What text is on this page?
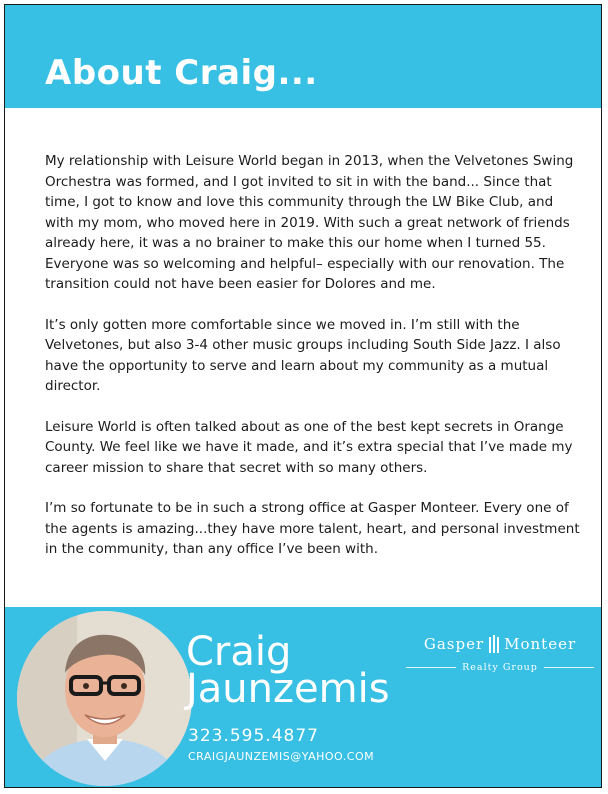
About Craig...

My relationship with Leisure World began in 2013, when the Velvetones Swing Orchestra was formed, and I got invited to sit in with the band... Since that time, I got to know and love this community through the LW Bike Club, and with my mom, who moved here in 2019. With such a great network of friends already here, it was a no brainer to make this our home when I turned 55. Everyone was so welcoming and helpful– especially with our renovation. The transition could not have been easier for Dolores and me.

It’s only gotten more comfortable since we moved in. I’m still with the Velvetones, but also 3-4 other music groups including South Side Jazz. I also have the opportunity to serve and learn about my community as a mutual director.

Leisure World is often talked about as one of the best kept secrets in Orange County. We feel like we have it made, and it’s extra special that I’ve made my career mission to share that secret with so many others.

I’m so fortunate to be in such a strong office at Gasper Monteer. Every one of the agents is amazing...they have more talent, heart, and personal investment in the community, than any office I’ve been with.

Craig
Jaunzemis

323.595.4877

CRAIGJAUNZEMIS@YAHOO.COM

Gasper Monteer
Realty Group
